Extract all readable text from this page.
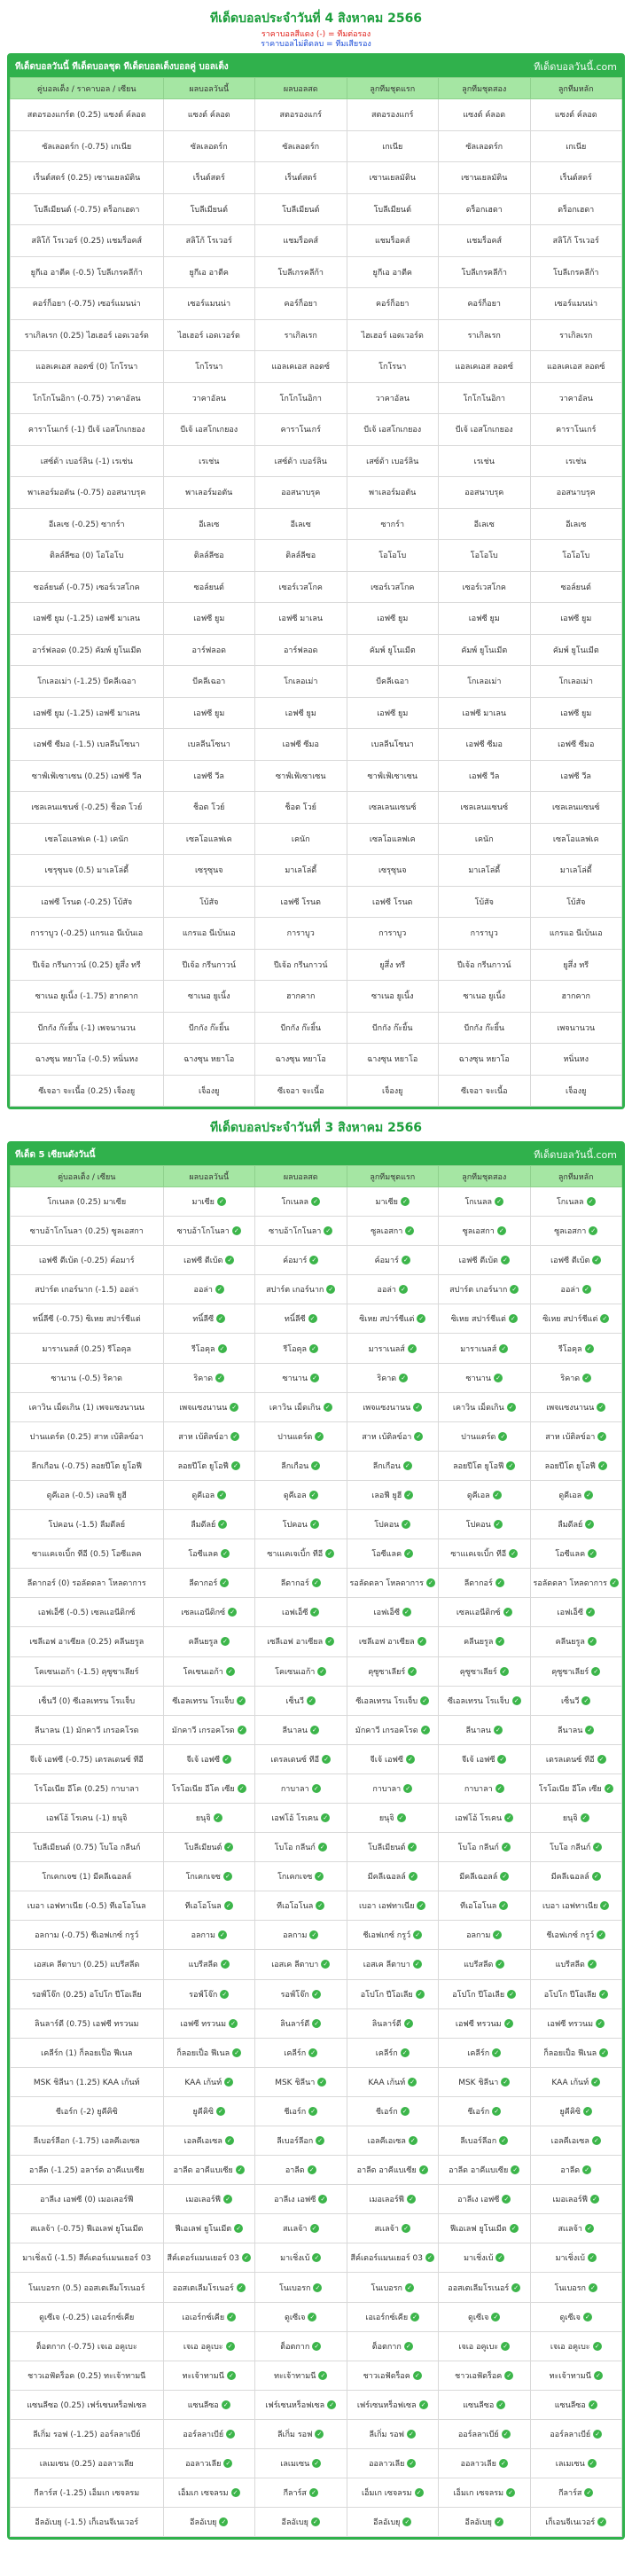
ทีเด็ดบอลประจำวันที่ 4 สิงหาคม 2566
ราคาบอลสีแดง (-) = ทีมต่อรอง
ราคาบอลไม่ติดลบ = ทีมเสียรอง
ทีเด็ดบอลวันนี้ ทีเด็ดบอลชุด ทีเด็ดบอลเต็งบอลคู่ บอลเต็ง	ทีเด็ดบอลวันนี้.com
คู่บอลเต็ง / ราคาบอล / เซียน	ผลบอลวันนี้	ผลบอลสด	ลูกทีมชุดแรก	ลูกทีมชุดสอง	ลูกทีมหลัก

สตอรองแกร์ต (0.25) แซงต์ ค์ลอด	แซงต์ ค์ลอด	สตอรองแกร์	สตอรองแกร์	แซงต์ ค์ลอด	แซงต์ ค์ลอด

ซัลเลอดร์ก (-0.75) เกเนีย	ซัลเลอดร์ก	ซัลเลอดร์ก	เกเนีย	ซัลเลอดร์ก	เกเนีย

เร็นต์สดร์ (0.25) เซานเยลมัติน	เร็นต์สดร์	เร็นต์สดร์	เซานเยลมัติน	เซานเยลมัติน	เร็นต์สดร์

โบลีเมียนต์ (-0.75) ดร็อกเฮดา	โบลีเมียนต์	โบลีเมียนต์	โบลีเมียนต์	ดร็อกเฮดา	ดร็อกเฮดา

สลิโก้ โรเวอร์ (0.25) แชมร็อคส์	สลิโก้ โรเวอร์	แชมร็อคส์	แชมร็อคส์	แชมร็อคส์	สลิโก้ โรเวอร์

ยูกีเอ อาตีค (-0.5) โบลีเกรคลีก้า	ยูกีเอ อาตีค	โบลีเกรคลีก้า	ยูกีเอ อาตีค	โบลีเกรคลีก้า	โบลีเกรคลีก้า

คอร์ก็อยา (-0.75) เซอร์แมนน่า	เซอร์แมนน่า	คอร์ก็อยา	คอร์ก็อยา	คอร์ก็อยา	เซอร์แมนน่า

ราเกิลเรก (0.25) ไฮเฮอร์ เอดเวอร์ด	ไฮเฮอร์ เอดเวอร์ด	ราเกิลเรก	ไฮเฮอร์ เอดเวอร์ด	ราเกิลเรก	ราเกิลเรก

แอลเคเอส ลอดซ์ (0) โกโรนา	โกโรนา	แอลเคเอส ลอดซ์	โกโรนา	แอลเคเอส ลอดซ์	แอลเคเอส ลอดซ์

โกโกโนอิกา (-0.75) วาคาอัลน	วาคาอัลน	โกโกโนอิกา	วาคาอัลน	โกโกโนอิกา	วาคาอัลน

คาราโนเกร์ (-1) บีเจ้ เอสโกเกยอง	บีเจ้ เอสโกเกยอง	คาราโนเกร์	บีเจ้ เอสโกเกยอง	บีเจ้ เอสโกเกยอง	คาราโนเกร์

เสซ์ด้า เบอร์ลิน (-1) เรเช่น	เรเช่น	เสซ์ด้า เบอร์ลิน	เสซ์ด้า เบอร์ลิน	เรเช่น	เรเช่น

พาเลอร์มอตัน (-0.75) ออสนาบรุค	พาเลอร์มอตัน	ออสนาบรุค	พาเลอร์มอตัน	ออสนาบรุค	ออสนาบรุค

อีเลเซ (-0.25) ซากร์า	อีเลเซ	อีเลเซ	ซากร์า	อีเลเซ	อีเลเซ

ติลล์ลีซอ (0) โอโอโบ	ติลล์ลีซอ	ติลล์ลีซอ	โอโอโบ	โอโอโบ	โอโอโบ

ซอล์ยนต์ (-0.75) เซอร์เวสโกค	ซอล์ยนต์	เซอร์เวสโกค	เซอร์เวสโกค	เซอร์เวสโกค	ซอล์ยนต์

เอฟซี ยูม (-1.25) เอฟซี มาเลน	เอฟซี ยูม	เอฟซี มาเลน	เอฟซี ยูม	เอฟซี ยูม	เอฟซี ยูม

อาร์ฟลอด (0.25) คัมพ์ ยูโนเมีต	อาร์ฟลอด	อาร์ฟลอด	คัมพ์ ยูโนเมีต	คัมพ์ ยูโนเมีต	คัมพ์ ยูโนเมีต

โกเลอเม่า (-1.25) บีคลีเฉอา	บีคลีเฉอา	โกเลอเม่า	บีคลีเฉอา	โกเลอเม่า	โกเลอเม่า

เอฟซี ยูม (-1.25) เอฟซี มาเลน	เอฟซี ยูม	เอฟซี ยูม	เอฟซี ยูม	เอฟซี มาเลน	เอฟซี ยูม

เอฟซี ซีมอ (-1.5) เบลลีนโซนา	เบลลีนโซนา	เอฟซี ซีมอ	เบลลีนโซนา	เอฟซี ซีมอ	เอฟซี ซีมอ

ซาฟ์เฟ้เซาเซน (0.25) เอฟซี วีล	เอฟซี วีล	ซาฟ์เฟ้เซาเซน	ซาฟ์เฟ้เซาเซน	เอฟซี วีล	เอฟซี วีล

เซลเลนแซนซ์ (-0.25) ช็อต โวย์	ช็อต โวย์	ช็อต โวย์	เซลเลนแซนซ์	เซลเลนแซนซ์	เซลเลนแซนซ์

เซลโอแลฟเค (-1) เคนัก	เซลโอแลฟเค	เคนัก	เซลโอแลฟเค	เคนัก	เซลโอแลฟเค

เซรุซุนจ (0.5) มาเลโล่ดี้	เซรุซุนจ	มาเลโล่ดี้	เซรุซุนจ	มาเลโล่ดี้	มาเลโล่ดี้

เอฟซี โรนด (-0.25) โบ้สัจ	โบ้สัจ	เอฟซี โรนด	เอฟซี โรนด	โบ้สัจ	โบ้สัจ

การาบูว (-0.25) แกรแอ นีเบ้นเอ	แกรแอ นีเบ้นเอ	การาบูว	การาบูว	การาบูว	แกรแอ นีเบ้นเอ

ปีเจ้อ กรีนกาวน์ (0.25) ยูสึ่ง ทรี	ปีเจ้อ กรีนกาวน์	ปีเจ้อ กรีนกาวน์	ยูสึ่ง ทรี	ปีเจ้อ กรีนกาวน์	ยูสึ่ง ทรี

ซาเนอ ยูเนิ้ง (-1.75) ฮากคาก	ซาเนอ ยูเนิ้ง	ฮากคาก	ซาเนอ ยูเนิ้ง	ซาเนอ ยูเนิ้ง	ฮากคาก

บีกกัง ก๊ะยิ้น (-1) เพจนานวน	บีกกัง ก๊ะยิ้น	บีกกัง ก๊ะยิ้น	บีกกัง ก๊ะยิ้น	บีกกัง ก๊ะยิ้น	เพจนานวน

ฉางซุน หยาโอ (-0.5) หนิ่นหง	ฉางซุน หยาโอ	ฉางซุน หยาโอ	ฉางซุน หยาโอ	ฉางซุน หยาโอ	หนิ่นหง

ซีเจอา จะเนี้อ (0.25) เจ็องยู	เจ็องยู	ซีเจอา จะเนี้อ	เจ็องยู	ซีเจอา จะเนี้อ	เจ็องยู
ทีเด็ดบอลประจำวันที่ 3 สิงหาคม 2566
ทีเด็ด 5 เซียนดังวันนี้	ทีเด็ดบอลวันนี้.com
คู่บอลเต็ง / เซียน	ผลบอลวันนี้	ผลบอลสด	ลูกทีมชุดแรก	ลูกทีมชุดสอง	ลูกทีมหลัก

โกเนลล (0.25) มาเซีย	มาเซีย ✓	โกเนลล ✓	มาเซีย ✓	โกเนลล ✓	โกเนลล ✓

ซาบอ้าโกโนลา (0.25) ซูลเอสกา	ซาบอ้าโกโนลา ✓	ซาบอ้าโกโนลา ✓	ซูลเอสกา ✓	ซูลเอสกา ✓	ซูลเอสกา ✓

เอฟซี ตีเบ้ต (-0.25) ค์อมาร์	เอฟซี ตีเบ้ต ✓	ค์อมาร์ ✓	ค์อมาร์ ✓	เอฟซี ตีเบ้ต ✓	เอฟซี ตีเบ้ต ✓

สปาร์ต เกอร์นาก (-1.5) ออล่า	ออล่า ✓	สปาร์ต เกอร์นาก ✓	ออล่า ✓	สปาร์ต เกอร์นาก ✓	ออล่า ✓

ทนิ์ลีซี (-0.75) ซิเหย สปาร์ชีแต่	ทนิ์ลีซี ✓	ทนิ์ลีซี ✓	ซิเหย สปาร์ชีแต่ ✓	ซิเหย สปาร์ชีแต่ ✓	ซิเหย สปาร์ชีแต่ ✓

มาราเนลส์ (0.25) รีโอคุล	รีโอคุล ✓	รีโอคุล ✓	มาราเนลส์ ✓	มาราเนลส์ ✓	รีโอคุล ✓

ซานาน (-0.5) ริคาด	ริคาด ✓	ซานาน ✓	ริคาด ✓	ซานาน ✓	ริคาด ✓

เคาวิน เม็ดเกิน (1) เพจแซงนานน	เพจแซงนานน ✓	เคาวิน เม็ดเกิน ✓	เพจแซงนานน ✓	เคาวิน เม็ดเกิน ✓	เพจแซงนานน ✓

ปานแดร์ด (0.25) สาห เบ้ติลข์อา	สาห เบ้ติลข์อา ✓	ปานแดร์ด ✓	สาห เบ้ติลข์อา ✓	ปานแดร์ด ✓	สาห เบ้ติลข์อา ✓

ลีกเกือน (-0.75) ลอยปีโต ยูโอฟี	ลอยปีโต ยูโอฟี ✓	ลีกเกือน ✓	ลีกเกือน ✓	ลอยปีโต ยูโอฟี ✓	ลอยปีโต ยูโอฟี ✓

ดูคีเอล (-0.5) เลอฟี ยูฮี	ดูคีเอล ✓	ดูคีเอล ✓	เลอฟี ยูฮี ✓	ดูคีเอล ✓	ดูคีเอล ✓

โปคอน (-1.5) ลืมดีลย์	ลืมดีลย์ ✓	โปคอน ✓	โปคอน ✓	โปคอน ✓	ลืมดีลย์ ✓

ซาแเคเจเบิ้ก ทีอี (0.5) โอซีแลค	โอซีแลค ✓	ซาแเคเจเบิ้ก ทีอี ✓	โอซีแลค ✓	ซาแเคเจเบิ้ก ทีอี ✓	โอซีแลค ✓

ลีดากอร์ (0) รอลัดดลา โหลดาการ	ลีดากอร์ ✓	ลีดากอร์ ✓	รอลัดดลา โหลดาการ ✓	ลีดากอร์ ✓	รอลัดดลา โหลดาการ ✓

เอฟเอ็ซี (-0.5) เซลเเอนีดิกซ์	เซลเเอนีดิกซ์ ✓	เอฟเอ็ซี ✓	เอฟเอ็ซี ✓	เซลเเอนีดิกซ์ ✓	เอฟเอ็ซี ✓

เซลีเอฟ อาเซียล (0.25) คลีนยรูล	คลีนยรูล ✓	เซลีเอฟ อาเซียล ✓	เซลีเอฟ อาเซียล ✓	คลีนยรูล ✓	คลีนยรูล ✓

โคเซนเอก้า (-1.5) คุซูซาเลียร์	โคเซนเอก้า ✓	โคเซนเอก้า ✓	คุซูซาเลียร์ ✓	คุซูซาเลียร์ ✓	คุซูซาเลียร์ ✓

เซ็นวี (0) ซีเอลเทรน โรเเจ็บ	ซีเอลเทรน โรเเจ็บ ✓	เซ็นวี ✓	ซีเอลเทรน โรเเจ็บ ✓	ซีเอลเทรน โรเเจ็บ ✓	เซ็นวี ✓

ลีนาลน (1) มักคาวี เกรอคโรด	มักคาวี เกรอคโรด ✓	ลีนาลน ✓	มักคาวี เกรอคโรด ✓	ลีนาลน ✓	ลีนาลน ✓

จีเจ้ เอฟซี (-0.75) เดรลเดนซ์ ทีอี	จีเจ้ เอฟซี ✓	เดรลเดนซ์ ทีอี ✓	จีเจ้ เอฟซี ✓	จีเจ้ เอฟซี ✓	เดรลเดนซ์ ทีอี ✓

โรโอเนีย อีโค (0.25) กาบาลา	โรโอเนีย อีโค เซีย ✓	กาบาลา ✓	กาบาลา ✓	กาบาลา ✓	โรโอเนีย อีโค เซีย ✓

เอฟโอ้ โรเคน (-1) ยนุจิ	ยนุจิ ✓	เอฟโอ้ โรเคน ✓	ยนุจิ ✓	เอฟโอ้ โรเคน ✓	ยนุจิ ✓

โบลีเมียนต์ (0.75) โบโอ กลีนก์	โบลีเมียนต์ ✓	โบโอ กลีนก์ ✓	โบลีเมียนต์ ✓	โบโอ กลีนก์ ✓	โบโอ กลีนก์ ✓

โกเคกเจซ (1) มีคลีเฉอลล์	โกเคกเจซ ✓	โกเคกเจซ ✓	มีคลีเฉอลล์ ✓	มีคลีเฉอลล์ ✓	มีคลีเฉอลล์ ✓

เบอา เอฟทาเนีย (-0.5) ทีเอโอโนล	ทีเอโอโนล ✓	ทีเอโอโนล ✓	เบอา เอฟทาเนีย ✓	ทีเอโอโนล ✓	เบอา เอฟทาเนีย ✓

อลกาม (-0.75) ชีเอฟเกซ์ กรูว์	อลกาม ✓	อลกาม ✓	ชีเอฟเกซ์ กรูว์ ✓	อลกาม ✓	ชีเอฟเกซ์ กรูว์ ✓

เอสเค ลีตาบา (0.25) แบรีสลีด	แบรีสลีด ✓	เอสเค ลีตาบา ✓	เอสเค ลีตาบา ✓	แบรีสลีด ✓	แบรีสลีด ✓

รอฟ์โจ๊ก (0.25) อโปโก ปีโอเลีย	รอฟ์โจ๊ก ✓	รอฟ์โจ๊ก ✓	อโปโก ปีโอเลีย ✓	อโปโก ปีโอเลีย ✓	อโปโก ปีโอเลีย ✓

ลินลาร์ดี (0.75) เอฟซี ทรวนม	เอฟซี ทรวนม ✓	ลินลาร์ดี ✓	ลินลาร์ดี ✓	เอฟซี ทรวนม ✓	เอฟซี ทรวนม ✓

เคลีร์ก (1) ก็ลอยเป็อ ฟีเนล	ก็ลอยเป็อ ฟีเนล ✓	เคลีร์ก ✓	เคลีร์ก ✓	เคลีร์ก ✓	ก็ลอยเป็อ ฟีเนล ✓

MSK ชิลีนา (1.25) KAA เก้นท์	KAA เก้นท์ ✓	MSK ชิลีนา ✓	KAA เก้นท์ ✓	MSK ชิลีนา ✓	KAA เก้นท์ ✓

ชีเอร์ก (-2) ยูคีคิซิ	ยูคีคิซิ ✓	ชีเอร์ก ✓	ชีเอร์ก ✓	ชีเอร์ก ✓	ยูคีคิซิ ✓

ลีเบอร์ลีอก (-1.75) เอลคีเอเซล	เอลคีเอเซล ✓	ลีเบอร์ลีอก ✓	เอลคีเอเซล ✓	ลีเบอร์ลีอก ✓	เอลคีเอเซล ✓

อาลีด (-1.25) อลาร์ด อาคีแบเซีย	อาลีด อาคีแบเซีย ✓	อาลีด ✓	อาลีด อาคีแบเซีย ✓	อาลีด อาคีแบเซีย ✓	อาลีด ✓

อาลีเง เอฟซี (0) เมอเลอร์ฟี	เมอเลอร์ฟี ✓	อาลีเง เอฟซี ✓	เมอเลอร์ฟี ✓	อาลีเง เอฟซี ✓	เมอเลอร์ฟี ✓

สเเลจ้า (-0.75) ฟีเอเลฟ ยูโนเมีต	ฟีเอเลฟ ยูโนเมีต ✓	สเเลจ้า ✓	สเเลจ้า ✓	ฟีเอเลฟ ยูโนเมีต ✓	สเเลจ้า ✓

มาเชิ่งเบ้ (-1.5) สีค์เดอร์แมนเยอร์ 03	สีค์เดอร์แมนเยอร์ 03 ✓	มาเชิ่งเบ้ ✓	สีค์เดอร์แมนเยอร์ 03 ✓	มาเชิ่งเบ้ ✓	มาเชิ่งเบ้ ✓

โนเบอรก (0.5) ออสเตเลีมโรเนอร์	ออสเตเลีมโรเนอร์ ✓	โนเบอรก ✓	โนเบอรก ✓	ออสเตเลีมโรเนอร์ ✓	โนเบอรก ✓

ดูเซีเจ (-0.25) เอเอร์กซ์เคีย	เอเอร์กซ์เคีย ✓	ดูเซีเจ ✓	เอเอร์กซ์เคีย ✓	ดูเซีเจ ✓	ดูเซีเจ ✓

ต็อตกาก (-0.75) เจเอ อคูเบะ	เจเอ อคูเบะ ✓	ต็อตกาก ✓	ต็อตกาก ✓	เจเอ อคูเบะ ✓	เจเอ อคูเบะ ✓

ชาวเอฟัดร็อค (0.25) ทะเจ้าทามนี	ทะเจ้าทามนี ✓	ทะเจ้าทามนี ✓	ชาวเอฟัดร็อค ✓	ชาวเอฟัดร็อค ✓	ทะเจ้าทามนี ✓

แซนลีซอ (0.25) เฟร์เซนหร็อฟเซล	แซนลีซอ ✓	เฟร์เซนหร็อฟเซล ✓	เฟร์เซนหร็อฟเซล ✓	แซนลีซอ ✓	แซนลีซอ ✓

ลีเกิ่ม รอฟ (-1.25) ออร์ลลาเบีย์	ออร์ลลาเบีย์ ✓	ลีเกิ่ม รอฟ ✓	ลีเกิ่ม รอฟ ✓	ออร์ลลาเบีย์ ✓	ออร์ลลาเบีย์ ✓

เลเมเซน (0.25) ออลาวเลีย	ออลาวเลีย ✓	เลเมเซน ✓	ออลาวเลีย ✓	ออลาวเลีย ✓	เลเมเซน ✓

กีลาร์ส (-1.25) เอ็มเก เซจลรม	เอ็มเก เซจลรม ✓	กีลาร์ส ✓	เอ็มเก เซจลรม ✓	เอ็มเก เซจลรม ✓	กีลาร์ส ✓

อีลอัเบยุ (-1.5) เก็เอนจีเนเวอร์	อีลอัเบยุ ✓	อีลอัเบยุ ✓	อีลอัเบยุ ✓	อีลอัเบยุ ✓	เก็เอนจีเนเวอร์ ✓
